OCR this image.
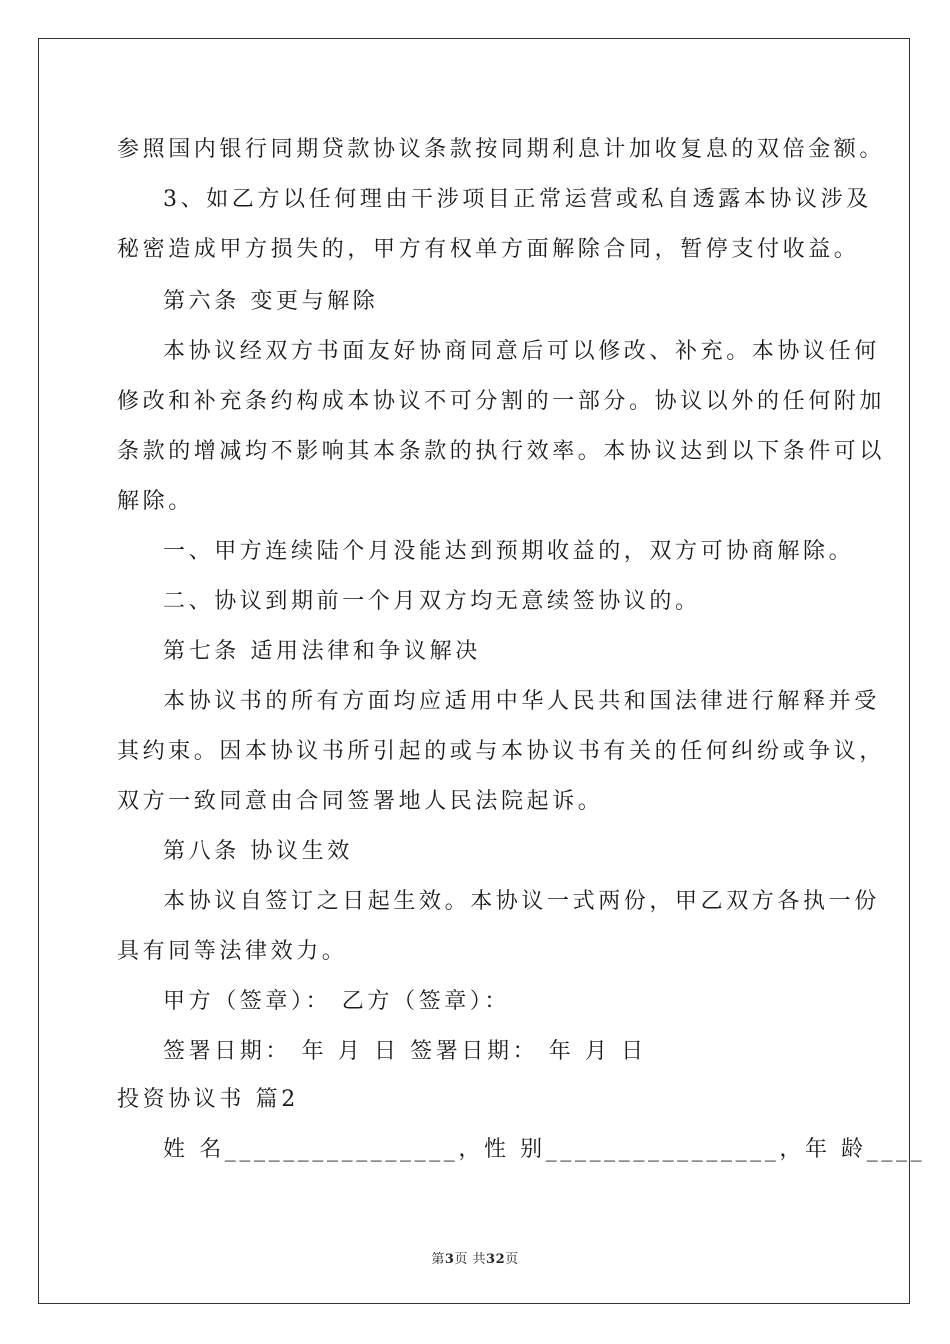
参照国内银行同期贷款协议条款按同期利息计加收复息的双倍金额。
3、如乙方以任何理由干涉项目正常运营或私自透露本协议涉及
秘密造成甲方损失的，甲方有权单方面解除合同，暂停支付收益。
第六条 变更与解除
本协议经双方书面友好协商同意后可以修改、补充。本协议任何
修改和补充条约构成本协议不可分割的一部分。协议以外的任何附加
条款的增减均不影响其本条款的执行效率。本协议达到以下条件可以
解除。
一、甲方连续陆个月没能达到预期收益的，双方可协商解除。
二、协议到期前一个月双方均无意续签协议的。
第七条 适用法律和争议解决
本协议书的所有方面均应适用中华人民共和国法律进行解释并受
其约束。因本协议书所引起的或与本协议书有关的任何纠纷或争议，
双方一致同意由合同签署地人民法院起诉。
第八条 协议生效
本协议自签订之日起生效。本协议一式两份，甲乙双方各执一份
具有同等法律效力。
甲方（签章）： 乙方（签章）：
签署日期： 年 月 日 签署日期： 年 月 日
投资协议书 篇2
姓 名________________，性 别________________，年 龄____
第3页 共32页
